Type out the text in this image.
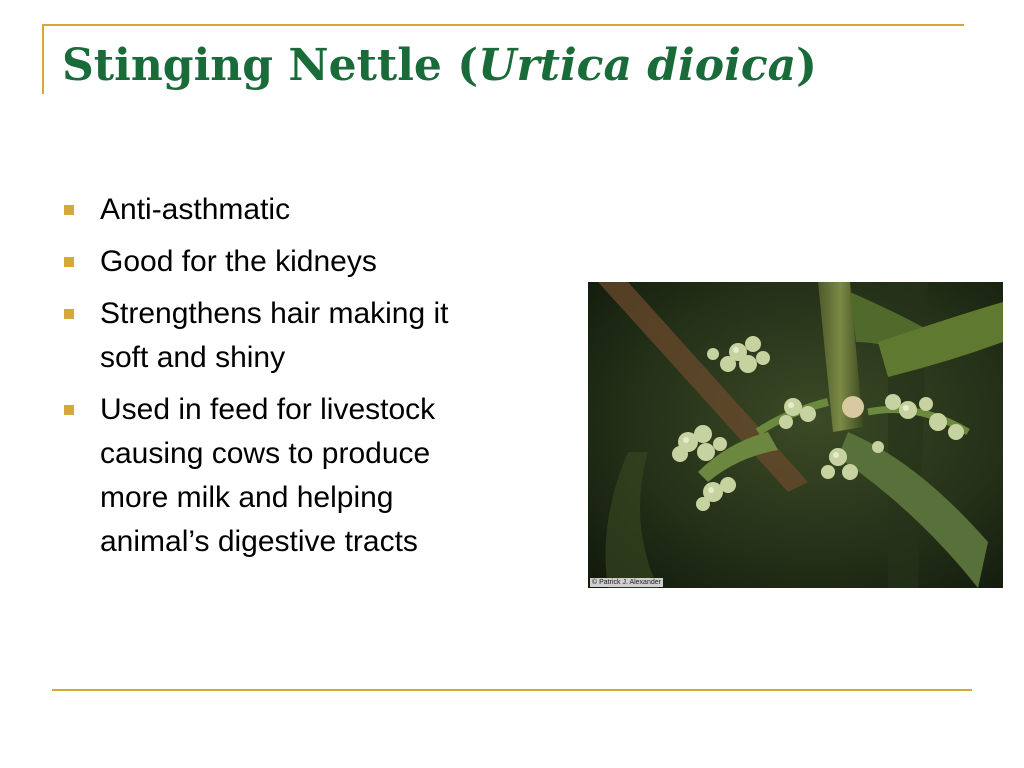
Stinging Nettle (Urtica dioica)
Anti-asthmatic
Good for the kidneys
Strengthens hair making it soft and shiny
Used in feed for livestock causing cows to produce more milk and helping animal’s digestive tracts
© Patrick J. Alexander
